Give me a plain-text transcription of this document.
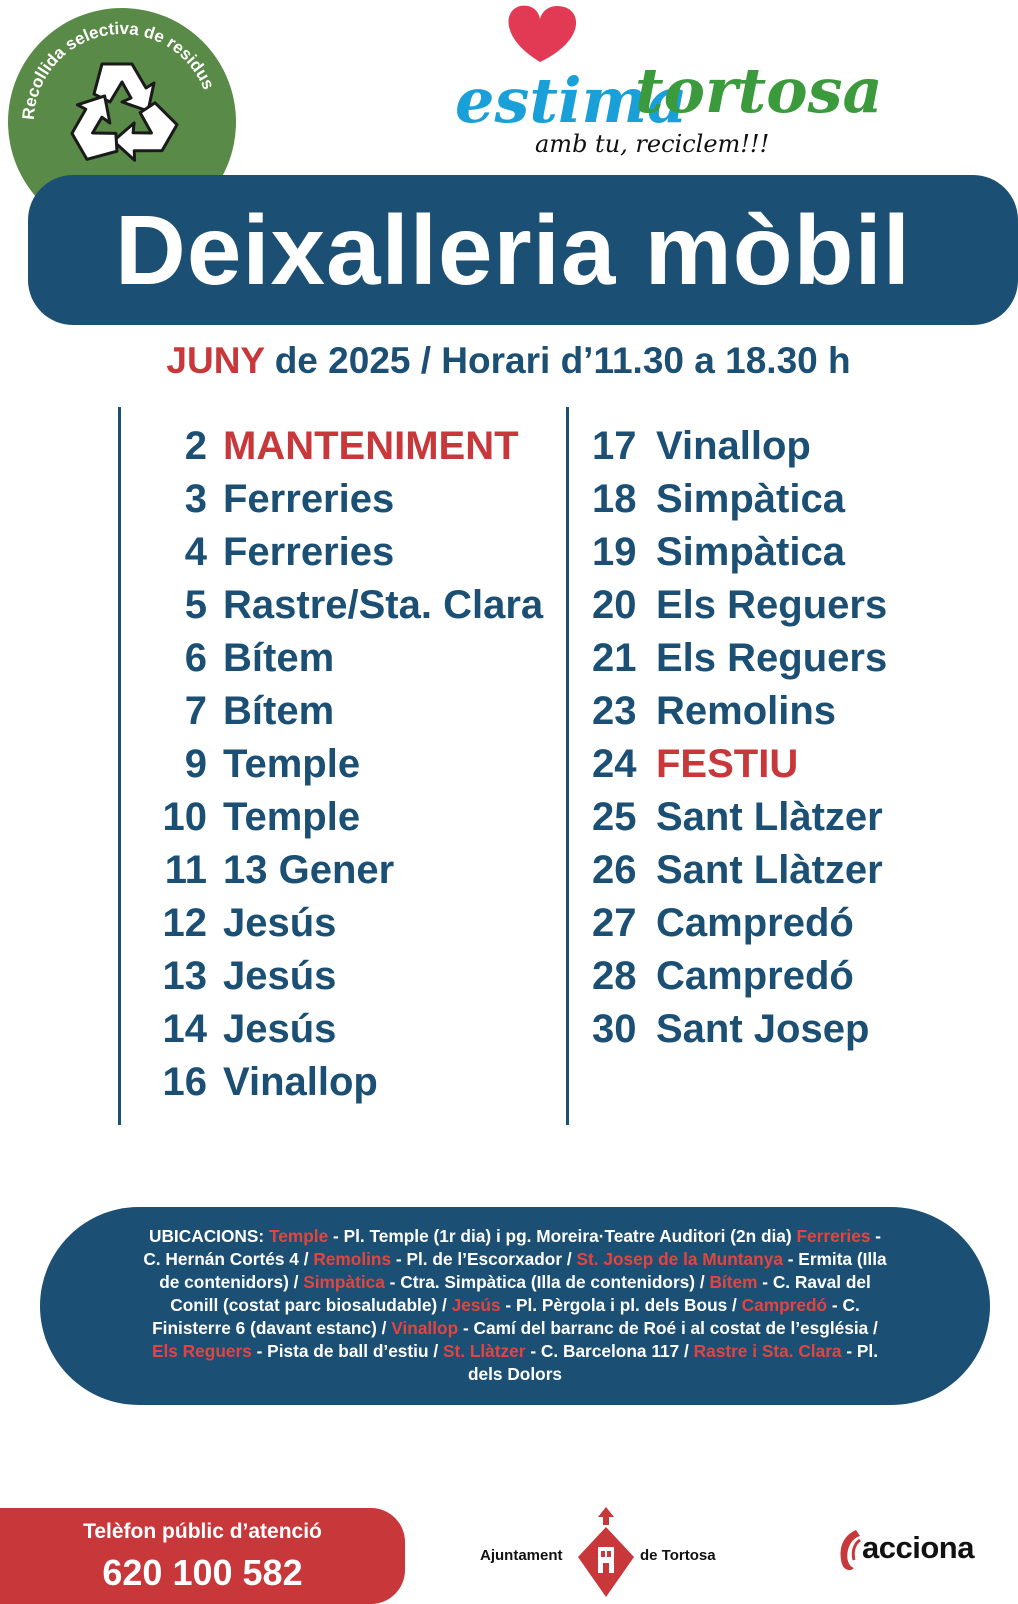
Recollida selectiva de residus	estima
tortosa
amb tu, reciclem!!!
Deixalleria mòbil
JUNY de 2025 / Horari d’11.30 a 18.30 h
2 MANTENIMENT
3 Ferreries
4 Ferreries
5 Rastre/Sta. Clara
6 Bítem
7 Bítem
9 Temple
10 Temple
11 13 Gener
12 Jesús
13 Jesús
14 Jesús
16 Vinallop
17 Vinallop
18 Simpàtica
19 Simpàtica
20 Els Reguers
21 Els Reguers
23 Remolins
24 FESTIU
25 Sant Llàtzer
26 Sant Llàtzer
27 Campredó
28 Campredó
30 Sant Josep
UBICACIONS: Temple - Pl. Temple (1r dia) i pg. Moreira·Teatre Auditori (2n dia) Ferreries - C. Hernán Cortés 4 / Remolins - Pl. de l’Escorxador / St. Josep de la Muntanya - Ermita (Illa de contenidors) / Simpàtica - Ctra. Simpàtica (Illa de contenidors) / Bítem - C. Raval del Conill (costat parc biosaludable) / Jesús - Pl. Pèrgola i pl. dels Bous / Campredó - C. Finisterre 6 (davant estanc) / Vinallop - Camí del barranc de Roé i al costat de l’església / Els Reguers - Pista de ball d’estiu / St. Llàtzer - C. Barcelona 117 / Rastre i Sta. Clara - Pl. dels Dolors
Telèfon públic d’atenció
620 100 582	Ajuntament	de Tortosa	acciona
